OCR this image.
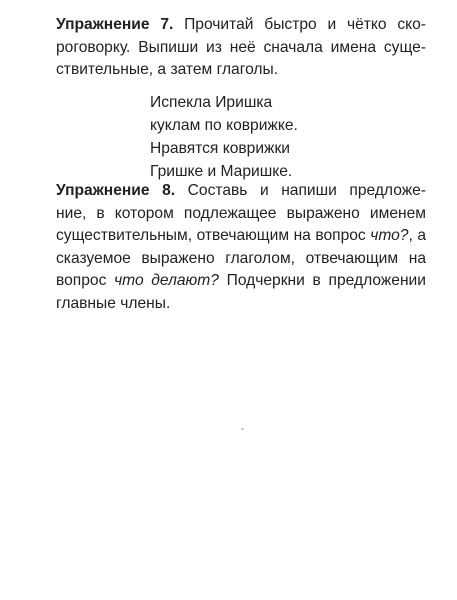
Упражнение 7. Прочитай быстро и чётко ско-
роговорку. Выпиши из неё сначала имена суще-
ствительные, а затем глаголы.

Испекла Иришка
куклам по коврижке.
Нравятся коврижки
Гришке и Маришке.

Упражнение 8. Составь и напиши предложе-
ние, в котором подлежащее выражено именем
существительным, отвечающим на вопрос что?, а
сказуемое выражено глаголом, отвечающим на
вопрос что делают? Подчеркни в предложении
главные члены.
